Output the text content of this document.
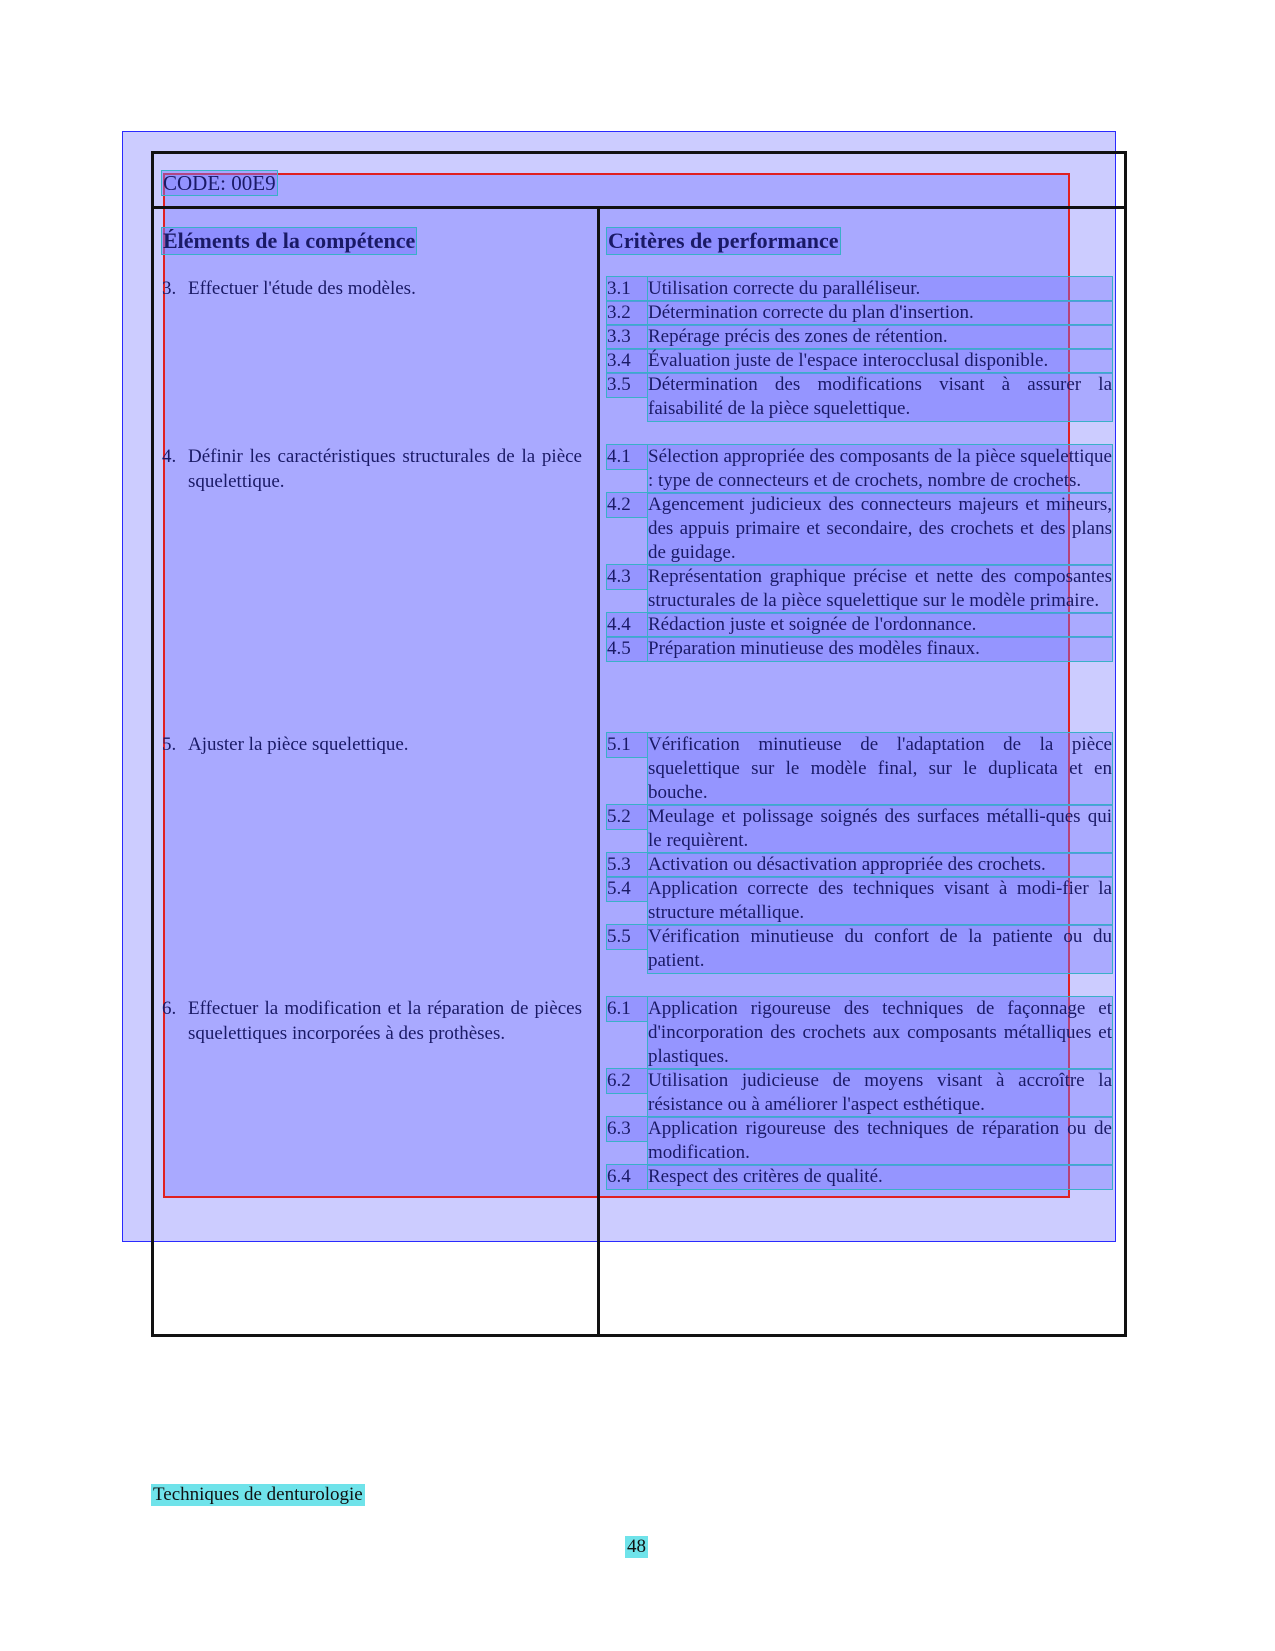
CODE: 00E9
Éléments de la compétence	Critères de performance
3. Effectuer l'étude des modèles.
4. Définir les caractéristiques structurales de la pièce squelettique.
5. Ajuster la pièce squelettique.
6. Effectuer la modification et la réparation de pièces squelettiques incorporées à des prothèses.
3.1 Utilisation correcte du paralléliseur.
3.2 Détermination correcte du plan d'insertion.
3.3 Repérage précis des zones de rétention.
3.4 Évaluation juste de l'espace interocclusal disponible.
3.5 Détermination des modifications visant à assurer la faisabilité de la pièce squelettique.
4.1 Sélection appropriée des composants de la pièce squelettique : type de connecteurs et de crochets, nombre de crochets.
4.2 Agencement judicieux des connecteurs majeurs et mineurs, des appuis primaire et secondaire, des crochets et des plans de guidage.
4.3 Représentation graphique précise et nette des composantes structurales de la pièce squelettique sur le modèle primaire.
4.4 Rédaction juste et soignée de l'ordonnance.
4.5 Préparation minutieuse des modèles finaux.
5.1 Vérification minutieuse de l'adaptation de la pièce squelettique sur le modèle final, sur le duplicata et en bouche.
5.2 Meulage et polissage soignés des surfaces métalli-ques qui le requièrent.
5.3 Activation ou désactivation appropriée des crochets.
5.4 Application correcte des techniques visant à modi-fier la structure métallique.
5.5 Vérification minutieuse du confort de la patiente ou du patient.
6.1 Application rigoureuse des techniques de façonnage et d'incorporation des crochets aux composants métalliques et plastiques.
6.2 Utilisation judicieuse de moyens visant à accroître la résistance ou à améliorer l'aspect esthétique.
6.3 Application rigoureuse des techniques de réparation ou de modification.
6.4 Respect des critères de qualité.
Techniques de denturologie
48
